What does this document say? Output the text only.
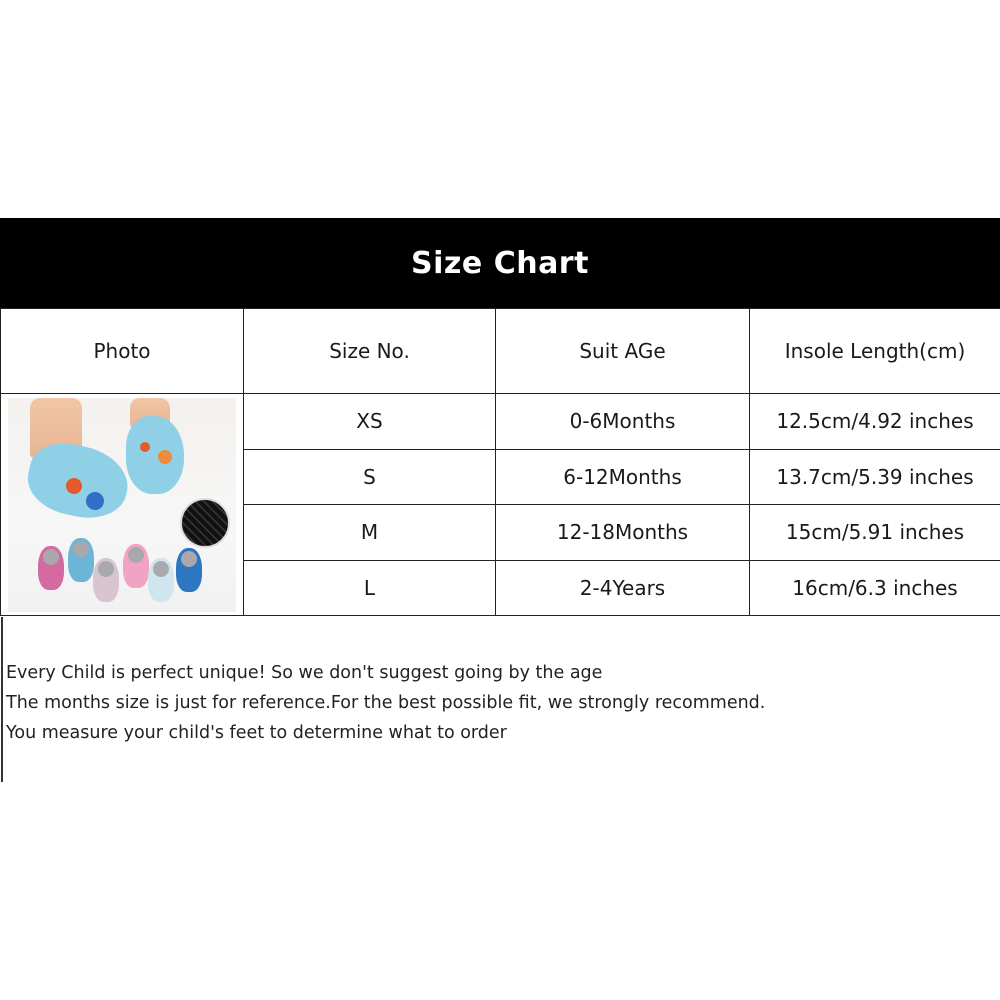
Size Chart
Photo	Size No.	Suit AGe	Insole Length(cm)

	XS	0-6Months	12.5cm/4.92 inches
	S	6-12Months	13.7cm/5.39 inches
	M	12-18Months	15cm/5.91 inches
	L	2-4Years	16cm/6.3 inches
Every Child is perfect unique! So we don't suggest going by the age
The months size is just for reference.For the best possible fit, we strongly recommend.
You measure your child's feet to determine what to order
